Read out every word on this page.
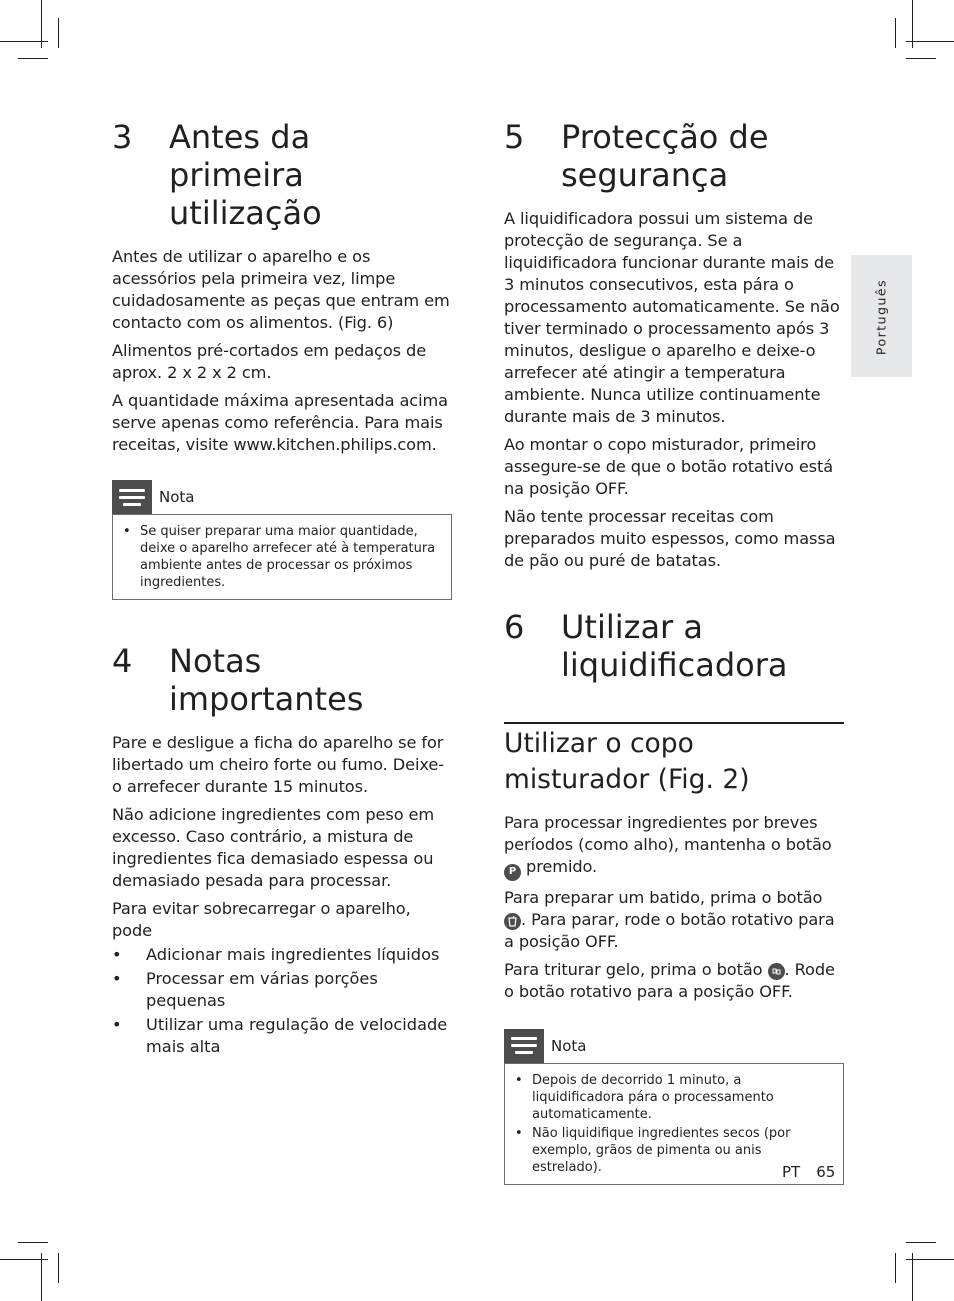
Português
3	Antes da primeira
utilização

Antes de utilizar o aparelho e os acessórios pela primeira vez, limpe cuidadosamente as peças que entram em contacto com os alimentos. (Fig. 6)

Alimentos pré-cortados em pedaços de aprox. 2 x 2 x 2 cm.

A quantidade máxima apresentada acima serve apenas como referência. Para mais receitas, visite www.kitchen.philips.com.

Nota
• Se quiser preparar uma maior quantidade, deixe o aparelho arrefecer até à temperatura ambiente antes de processar os próximos ingredientes.
4	Notas importantes

Pare e desligue a ficha do aparelho se for libertado um cheiro forte ou fumo. Deixe-o arrefecer durante 15 minutos.

Não adicione ingredientes com peso em excesso. Caso contrário, a mistura de ingredientes fica demasiado espessa ou demasiado pesada para processar.

Para evitar sobrecarregar o aparelho, pode

•	Adicionar mais ingredientes líquidos
•	Processar em várias porções pequenas
•	Utilizar uma regulação de velocidade mais alta
5	Protecção de
segurança

A liquidificadora possui um sistema de protecção de segurança. Se a liquidificadora funcionar durante mais de 3 minutos consecutivos, esta pára o processamento automaticamente. Se não tiver terminado o processamento após 3 minutos, desligue o aparelho e deixe-o arrefecer até atingir a temperatura ambiente. Nunca utilize continuamente durante mais de 3 minutos.

Ao montar o copo misturador, primeiro assegure-se de que o botão rotativo está na posição OFF.

Não tente processar receitas com preparados muito espessos, como massa de pão ou puré de batatas.

6	Utilizar a
liquidificadora
Utilizar o copo
misturador (Fig. 2)

Para processar ingredientes por breves períodos (como alho), mantenha o botão P premido.

Para preparar um batido, prima o botão
. Para parar, rode o botão rotativo para a posição OFF.

Para triturar gelo, prima o botão . Rode o botão rotativo para a posição OFF.

Nota
• Depois de decorrido 1 minuto, a liquidificadora pára o processamento automaticamente.
• Não liquidifique ingredientes secos (por exemplo, grãos de pimenta ou anis estrelado).	PT 65
